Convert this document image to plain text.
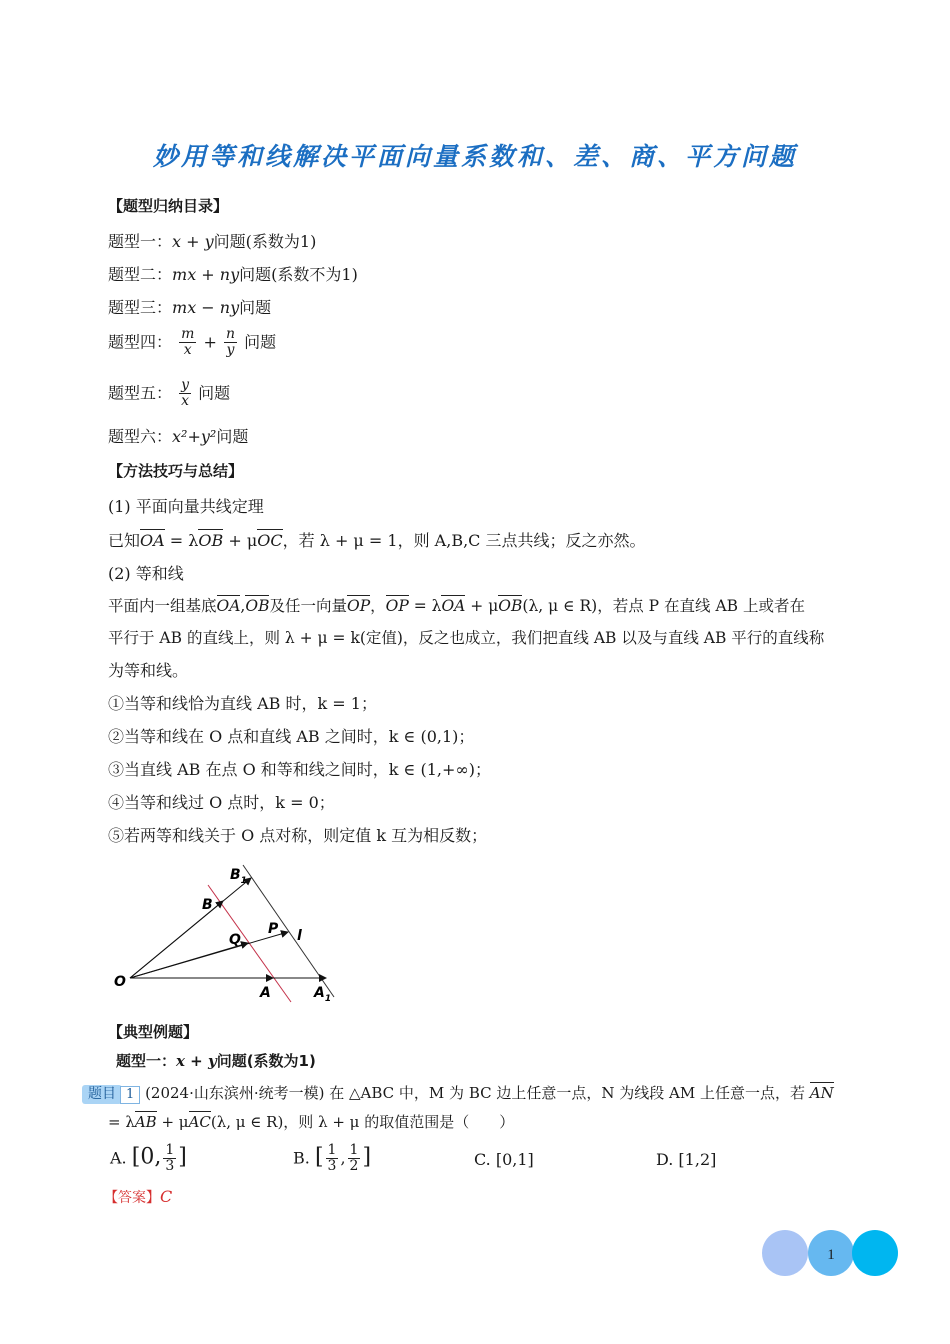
妙用等和线解决平面向量系数和、差、商、平方问题
【题型归纳目录】
题型一：x + y问题(系数为1)
题型二：mx + ny问题(系数不为1)
题型三：mx − ny问题
题型四： $\frac{m}{x} + \frac{n}{y}$ 问题
题型五： $\frac{y}{x}$ 问题
题型六：x²+y²问题
【方法技巧与总结】
(1) 平面向量共线定理
已知OA = λOB + μOC，若 λ + μ = 1，则 A,B,C 三点共线；反之亦然。
(2) 等和线
平面内一组基底OA,OB及任一向量OP，OP = λOA + μOB(λ, μ ∈ R)，若点 P 在直线 AB 上或者在
平行于 AB 的直线上，则 λ + μ = k(定值)，反之也成立，我们把直线 AB 以及与直线 AB 平行的直线称
为等和线。
①当等和线恰为直线 AB 时，k = 1；
②当等和线在 O 点和直线 AB 之间时，k ∈ (0,1)；
③当直线 AB 在点 O 和等和线之间时，k ∈ (1,+∞)；
④当等和线过 O 点时，k = 0；
⑤若两等和线关于 O 点对称，则定值 k 互为相反数；
O
A	$A_1$
B
$B_1$
Q
P l
【典型例题】
题型一：x + y问题(系数为1)
题目 1 (2024·山东滨州·统考一模) 在 △ABC 中，M 为 BC 边上任意一点，N 为线段 AM 上任意一点，若 AN
= λAB + μAC(λ, μ ∈ R)，则 λ + μ 的取值范围是（　　）
A. [0, $\frac{1}{3}$ ]	B. [ $\frac{1}{3}$ , $\frac{1}{2}$ ]	C. [0,1]	D. [1,2]
【答案】C
1
